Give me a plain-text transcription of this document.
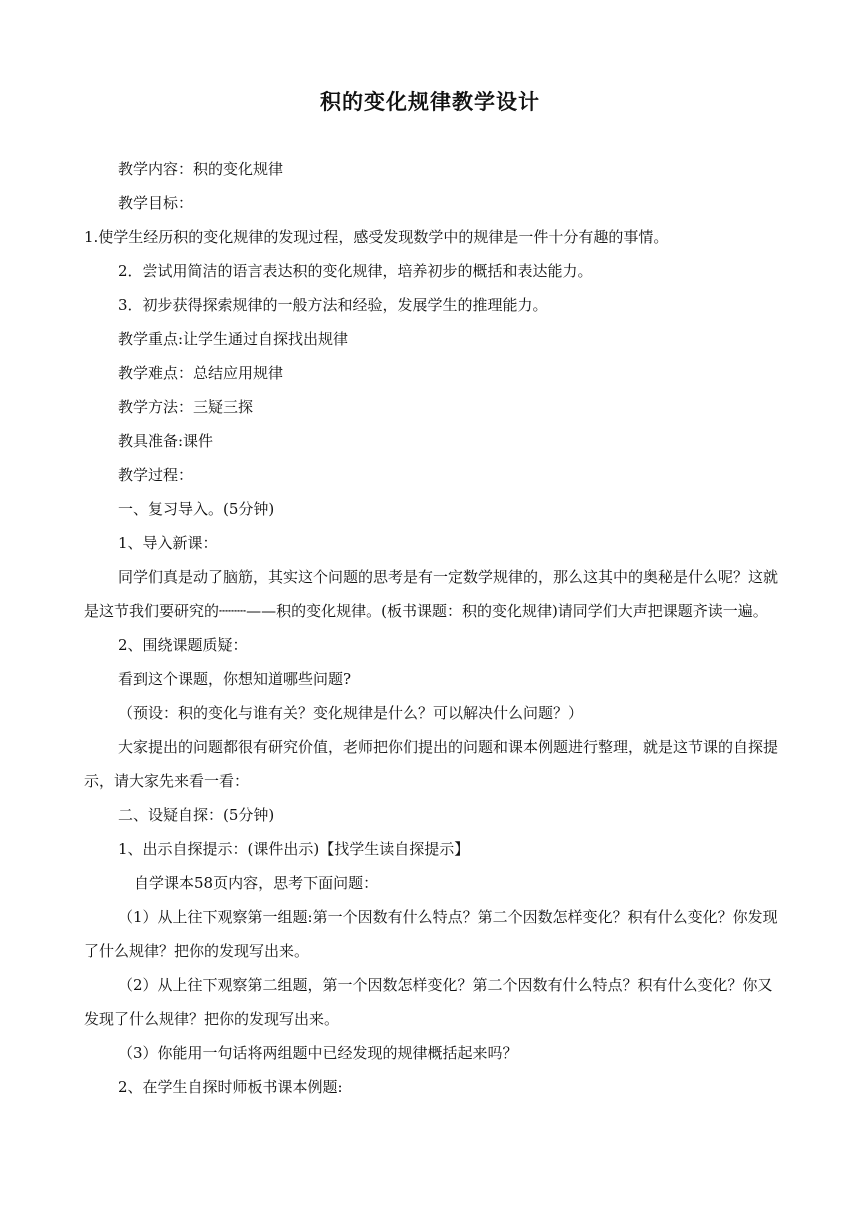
积的变化规律教学设计

教学内容：积的变化规律

教学目标：

1.使学生经历积的变化规律的发现过程，感受发现数学中的规律是一件十分有趣的事情。

2．尝试用简洁的语言表达积的变化规律，培养初步的概括和表达能力。

3．初步获得探索规律的一般方法和经验，发展学生的推理能力。

教学重点:让学生通过自探找出规律

教学难点：总结应用规律

教学方法：三疑三探

教具准备:课件

教学过程：

一、复习导入。(5分钟)

1、导入新课：

同学们真是动了脑筋，其实这个问题的思考是有一定数学规律的，那么这其中的奥秘是什么呢？这就是这节我们要研究的┄┄┄——积的变化规律。(板书课题：积的变化规律)请同学们大声把课题齐读一遍。

2、围绕课题质疑：

看到这个课题，你想知道哪些问题?

（预设：积的变化与谁有关？变化规律是什么？可以解决什么问题？）

大家提出的问题都很有研究价值，老师把你们提出的问题和课本例题进行整理，就是这节课的自探提示，请大家先来看一看：

二、设疑自探：(5分钟)

1、出示自探提示：(课件出示)【找学生读自探提示】

自学课本58页内容，思考下面问题：

（1）从上往下观察第一组题:第一个因数有什么特点？第二个因数怎样变化？积有什么变化？你发现了什么规律？把你的发现写出来。

（2）从上往下观察第二组题，第一个因数怎样变化？第二个因数有什么特点？积有什么变化？你又发现了什么规律？把你的发现写出来。

（3）你能用一句话将两组题中已经发现的规律概括起来吗？

2、在学生自探时师板书课本例题:
